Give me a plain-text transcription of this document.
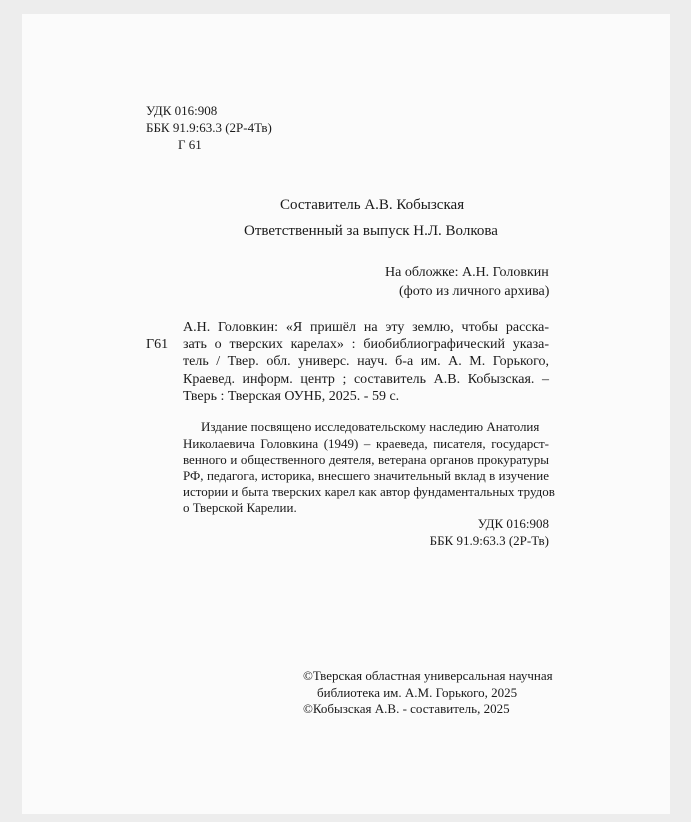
УДК 016:908
ББК 91.9:63.3 (2Р-4Тв)
Г 61
Составитель А.В. Кобызская
Ответственный за выпуск Н.Л. Волкова
На обложке: А.Н. Головкин
(фото из личного архива)
Г61
А.Н. Головкин: «Я пришёл на эту землю, чтобы расска-
зать о тверских карелах» : биобиблиографический указа-
тель / Твер. обл. универс. науч. б-а им. А. М. Горького,
Краевед. информ. центр ; составитель А.В. Кобызская. –
Тверь : Тверская ОУНБ, 2025. - 59 с.
Издание посвящено исследовательскому наследию Анатолия
Николаевича Головкина (1949) – краеведа, писателя, государст-
венного и общественного деятеля, ветерана органов прокуратуры
РФ, педагога, историка, внесшего значительный вклад в изучение
истории и быта тверских карел как автор фундаментальных трудов
о Тверской Карелии.
УДК 016:908
ББК 91.9:63.3 (2Р-Тв)
©Тверская областная универсальная научная
библиотека им. А.М. Горького, 2025
©Кобызская А.В. - составитель, 2025
